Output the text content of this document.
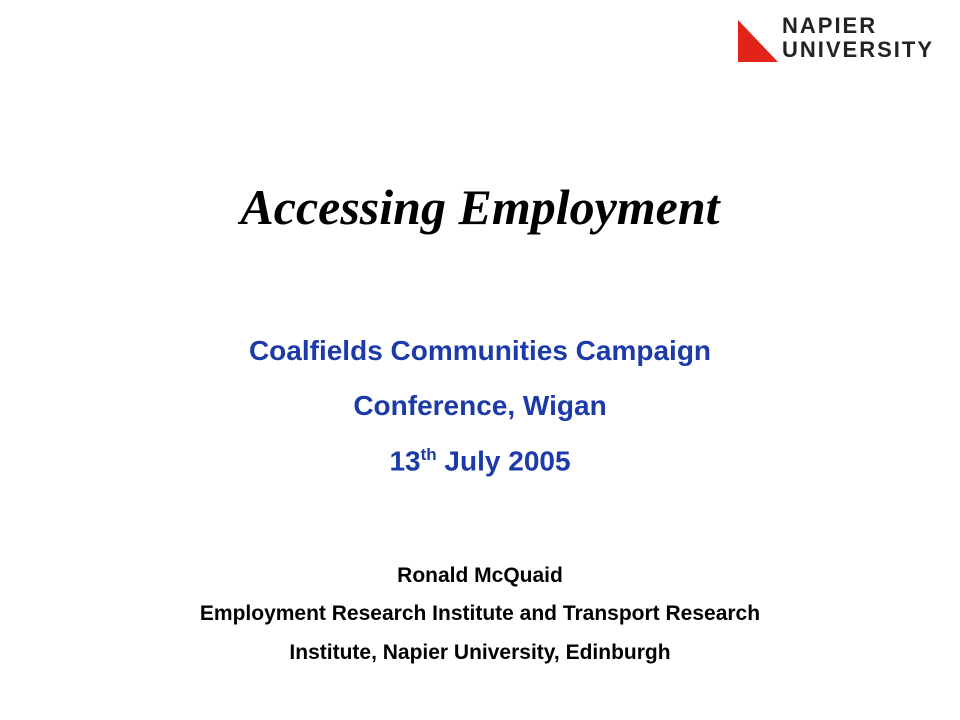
NAPIER
UNIVERSITY
Accessing Employment

Coalfields Communities Campaign

Conference, Wigan

13th July 2005

Ronald McQuaid

Employment Research Institute and Transport Research

Institute, Napier University, Edinburgh
